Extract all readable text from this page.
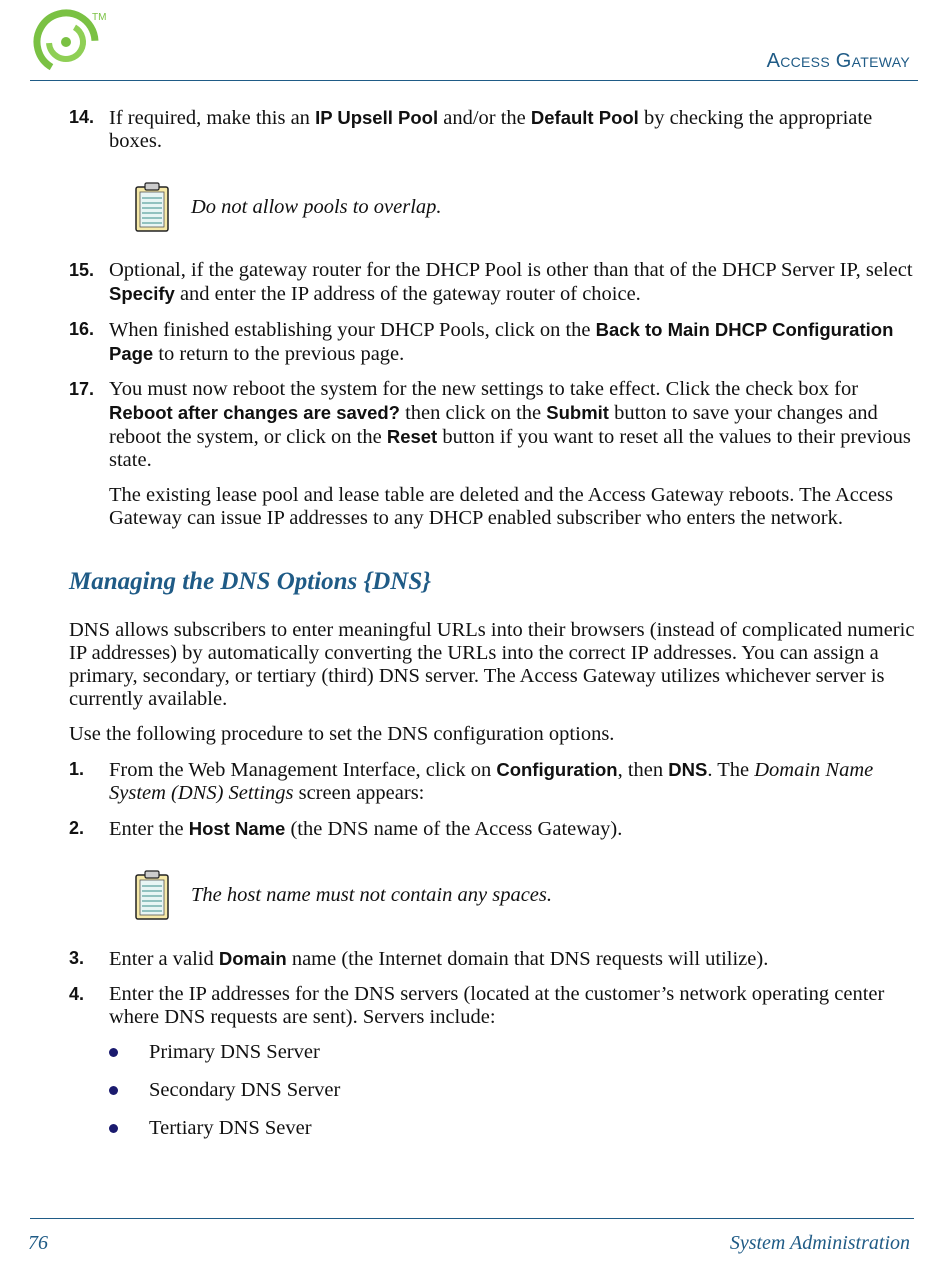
TM
Access Gateway
14. If required, make this an IP Upsell Pool and/or the Default Pool by checking the appropriate boxes.
Do not allow pools to overlap.
15. Optional, if the gateway router for the DHCP Pool is other than that of the DHCP Server IP, select Specify and enter the IP address of the gateway router of choice.
16. When finished establishing your DHCP Pools, click on the Back to Main DHCP Configuration Page to return to the previous page.
17. You must now reboot the system for the new settings to take effect. Click the check box for Reboot after changes are saved? then click on the Submit button to save your changes and reboot the system, or click on the Reset button if you want to reset all the values to their previous state.

The existing lease pool and lease table are deleted and the Access Gateway reboots. The Access Gateway can issue IP addresses to any DHCP enabled subscriber who enters the network.

Managing the DNS Options {DNS}

DNS allows subscribers to enter meaningful URLs into their browsers (instead of complicated numeric IP addresses) by automatically converting the URLs into the correct IP addresses. You can assign a primary, secondary, or tertiary (third) DNS server. The Access Gateway utilizes whichever server is currently available.

Use the following procedure to set the DNS configuration options.

1.	From the Web Management Interface, click on Configuration, then DNS. The Domain Name System (DNS) Settings screen appears:
2.	Enter the Host Name (the DNS name of the Access Gateway).
The host name must not contain any spaces.
3.	Enter a valid Domain name (the Internet domain that DNS requests will utilize).
4.	Enter the IP addresses for the DNS servers (located at the customer’s network operating center where DNS requests are sent). Servers include:
Primary DNS Server
Secondary DNS Server
Tertiary DNS Sever
76	System Administration
